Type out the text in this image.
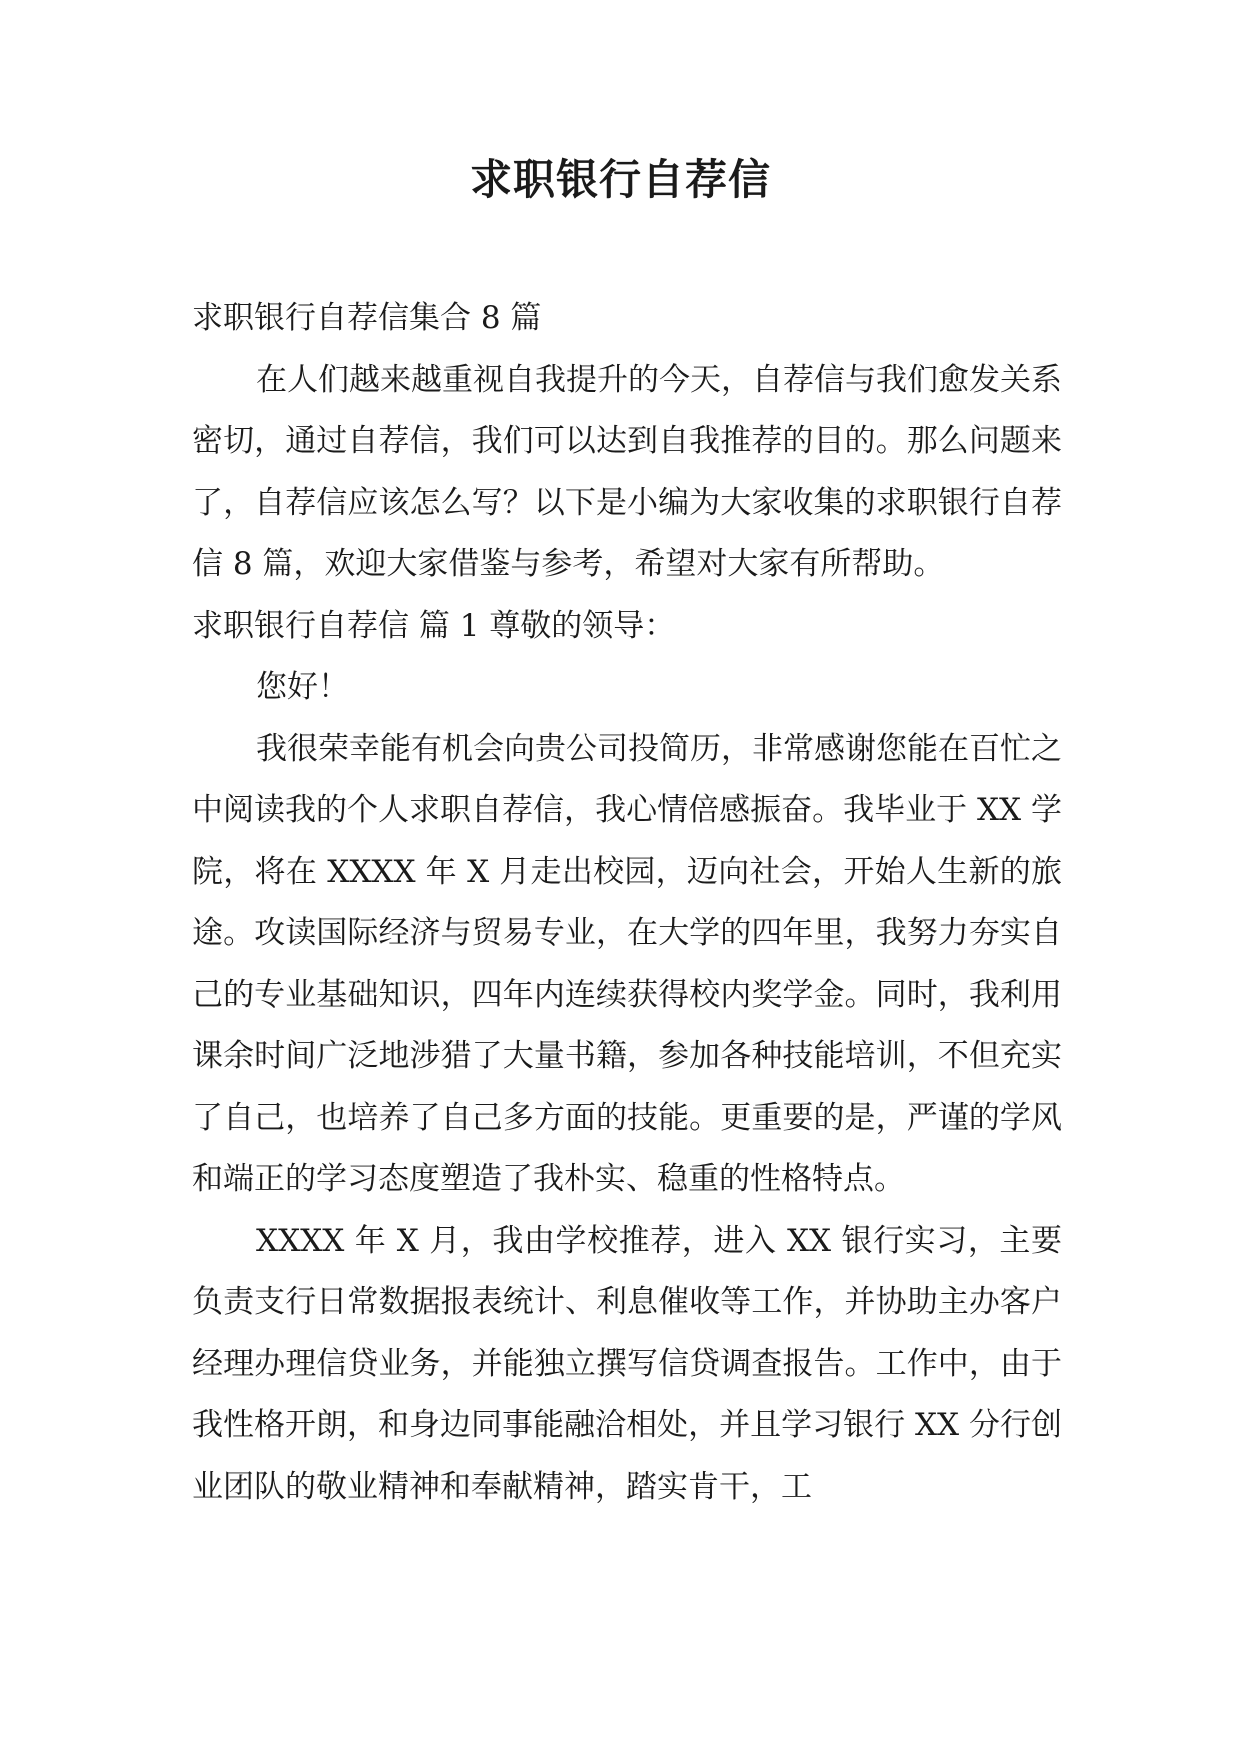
求职银行自荐信

求职银行自荐信集合 8 篇

在人们越来越重视自我提升的今天，自荐信与我们愈发关系密切，通过自荐信，我们可以达到自我推荐的目的。那么问题来了，自荐信应该怎么写？以下是小编为大家收集的求职银行自荐信 8 篇，欢迎大家借鉴与参考，希望对大家有所帮助。

求职银行自荐信 篇 1 尊敬的领导：

您好！

我很荣幸能有机会向贵公司投简历，非常感谢您能在百忙之中阅读我的个人求职自荐信，我心情倍感振奋。我毕业于 XX 学院，将在 XXXX 年 X 月走出校园，迈向社会，开始人生新的旅途。攻读国际经济与贸易专业，在大学的四年里，我努力夯实自己的专业基础知识，四年内连续获得校内奖学金。同时，我利用课余时间广泛地涉猎了大量书籍，参加各种技能培训，不但充实了自己，也培养了自己多方面的技能。更重要的是，严谨的学风和端正的学习态度塑造了我朴实、稳重的性格特点。

XXXX 年 X 月，我由学校推荐，进入 XX 银行实习，主要负责支行日常数据报表统计、利息催收等工作，并协助主办客户经理办理信贷业务，并能独立撰写信贷调查报告。工作中，由于我性格开朗，和身边同事能融洽相处，并且学习银行 XX 分行创业团队的敬业精神和奉献精神，踏实肯干，工
